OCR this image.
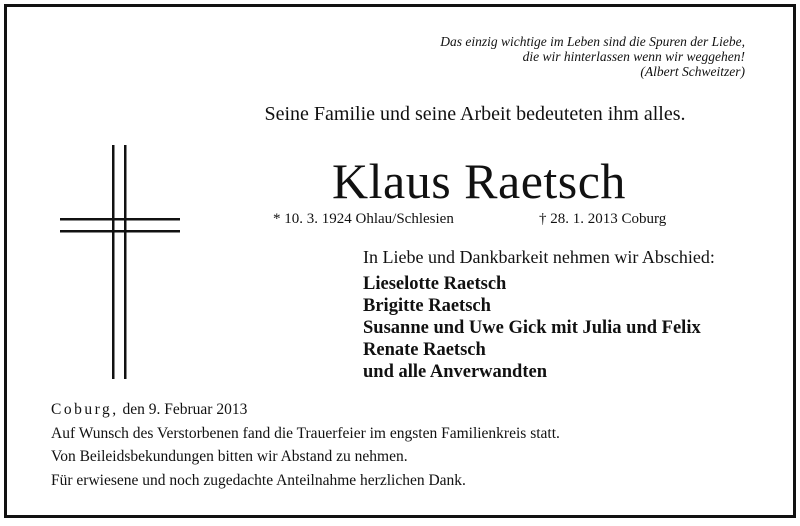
Das einzig wichtige im Leben sind die Spuren der Liebe,
die wir hinterlassen wenn wir weggehen!
(Albert Schweitzer)
Seine Familie und seine Arbeit bedeuteten ihm alles.
Klaus Raetsch
* 10. 3. 1924 Ohlau/Schlesien	† 28. 1. 2013 Coburg
In Liebe und Dankbarkeit nehmen wir Abschied:
Lieselotte Raetsch
Brigitte Raetsch
Susanne und Uwe Gick mit Julia und Felix
Renate Raetsch
und alle Anverwandten
Coburg, den 9. Februar 2013
Auf Wunsch des Verstorbenen fand die Trauerfeier im engsten Familienkreis statt.
Von Beileidsbekundungen bitten wir Abstand zu nehmen.
Für erwiesene und noch zugedachte Anteilnahme herzlichen Dank.
